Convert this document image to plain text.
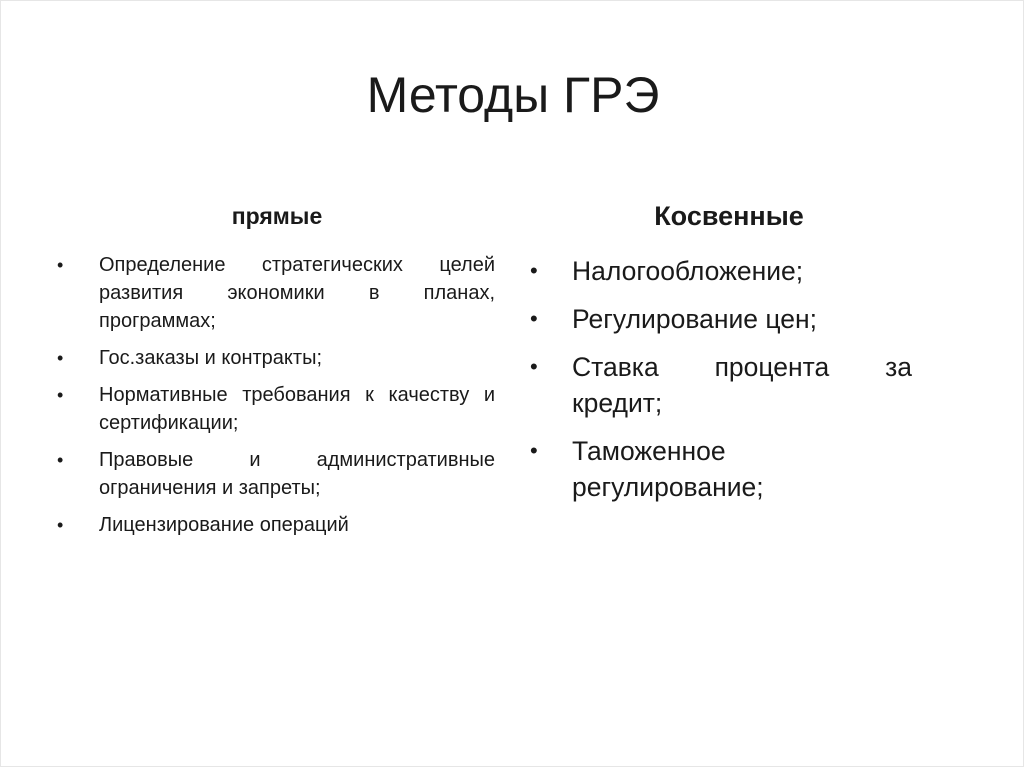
Методы ГРЭ
прямые
• Определение стратегических целей развития экономики в планах, программах;
• Гос.заказы и контракты;
• Нормативные требования к качеству и сертификации;
• Правовые и административные ограничения и запреты;
• Лицензирование операций
Косвенные
• Налогообложение;
• Регулирование цен;
• Ставка процента за кредит;
• Таможенное регулирование;
